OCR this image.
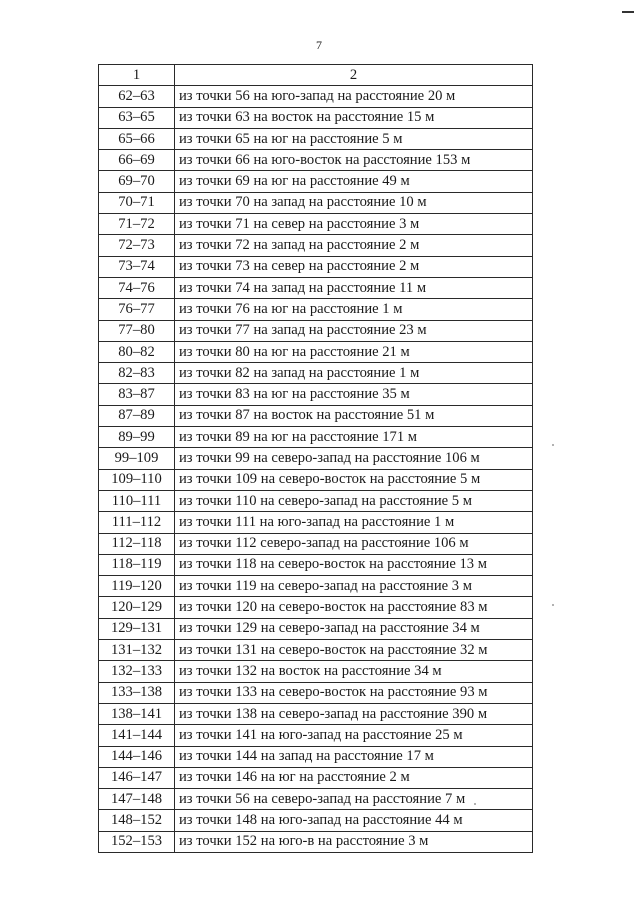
7
1	2
62–63	из точки 56 на юго-запад на расстояние 20 м
63–65	из точки 63 на восток на расстояние 15 м
65–66	из точки 65 на юг на расстояние 5 м
66–69	из точки 66 на юго-восток на расстояние 153 м
69–70	из точки 69 на юг на расстояние 49 м
70–71	из точки 70 на запад на расстояние 10 м
71–72	из точки 71 на север на расстояние 3 м
72–73	из точки 72 на запад на расстояние 2 м
73–74	из точки 73 на север на расстояние 2 м
74–76	из точки 74 на запад на расстояние 11 м
76–77	из точки 76 на юг на расстояние 1 м
77–80	из точки 77 на запад на расстояние 23 м
80–82	из точки 80 на юг на расстояние 21 м
82–83	из точки 82 на запад на расстояние 1 м
83–87	из точки 83 на юг на расстояние 35 м
87–89	из точки 87 на восток на расстояние 51 м
89–99	из точки 89 на юг на расстояние 171 м
99–109	из точки 99 на северо-запад на расстояние 106 м
109–110	из точки 109 на северо-восток на расстояние 5 м
110–111	из точки 110 на северо-запад на расстояние 5 м
111–112	из точки 111 на юго-запад на расстояние 1 м
112–118	из точки 112 северо-запад на расстояние 106 м
118–119	из точки 118 на северо-восток на расстояние 13 м
119–120	из точки 119 на северо-запад на расстояние 3 м
120–129	из точки 120 на северо-восток на расстояние 83 м
129–131	из точки 129 на северо-запад на расстояние 34 м
131–132	из точки 131 на северо-восток на расстояние 32 м
132–133	из точки 132 на восток на расстояние 34 м
133–138	из точки 133 на северо-восток на расстояние 93 м
138–141	из точки 138 на северо-запад на расстояние 390 м
141–144	из точки 141 на юго-запад на расстояние 25 м
144–146	из точки 144 на запад на расстояние 17 м
146–147	из точки 146 на юг на расстояние 2 м
147–148	из точки 56 на северо-запад на расстояние 7 м
148–152	из точки 148 на юго-запад на расстояние 44 м
152–153	из точки 152 на юго-в на расстояние 3 м
